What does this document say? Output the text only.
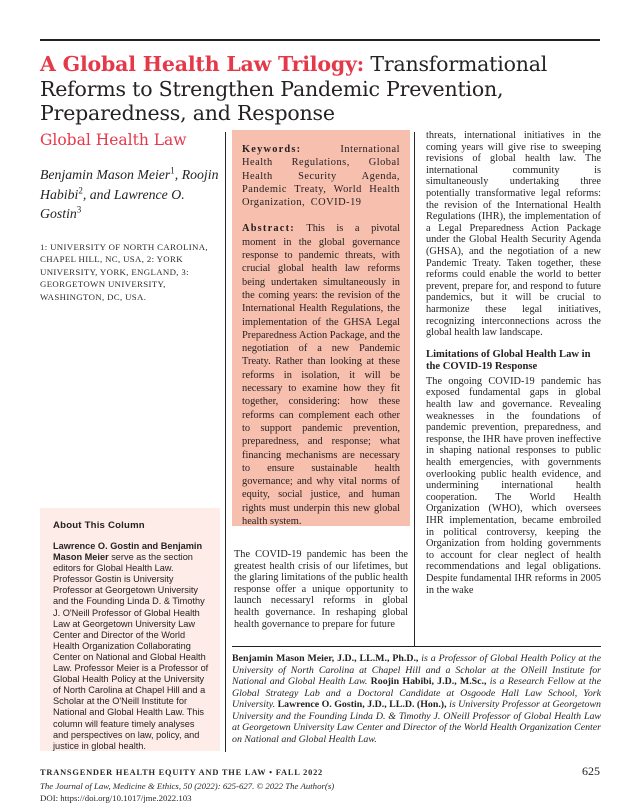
A Global Health Law Trilogy: Transformational Reforms to Strengthen Pandemic Prevention, Preparedness, and Response
Global Health Law
Benjamin Mason Meier$^1$, Roojin Habibi$^2$, and Lawrence O. Gostin$^3$
1: UNIVERSITY OF NORTH CAROLINA, CHAPEL HILL, NC, USA, 2: YORK UNIVERSITY, YORK, ENGLAND, 3: GEORGETOWN UNIVERSITY, WASHINGTON, DC, USA.
About This Column

Lawrence O. Gostin and Benjamin Mason Meier serve as the section editors for Global Health Law. Professor Gostin is University Professor at Georgetown University and the Founding Linda D. & Timothy J. O'Neill Professor of Global Health Law at Georgetown University Law Center and Director of the World Health Organization Collaborating Center on National and Global Health Law. Professor Meier is a Professor of Global Health Policy at the University of North Carolina at Chapel Hill and a Scholar at the O'Neill Institute for National and Global Health Law. This column will feature timely analyses and perspectives on law, policy, and justice in global health.

Keywords: International Health Regulations, Global Health Security Agenda, Pandemic Treaty, World Health Organization, COVID-19

Abstract: This is a pivotal moment in the global governance response to pandemic threats, with crucial global health law reforms being undertaken simultaneously in the coming years: the revision of the International Health Regulations, the implementation of the GHSA Legal Preparedness Action Package, and the negotiation of a new Pandemic Treaty. Rather than looking at these reforms in isolation, it will be necessary to examine how they fit together, considering: how these reforms can complement each other to support pandemic prevention, preparedness, and response; what financing mechanisms are necessary to ensure sustainable health governance; and why vital norms of equity, social justice, and human rights must underpin this new global health system.

The COVID-19 pandemic has been the greatest health crisis of our lifetimes, but the glaring limitations of the public health response offer a unique opportunity to launch necessaryl reforms in global health governance. In reshaping global health governance to prepare for future

threats, international initiatives in the coming years will give rise to sweeping revisions of global health law. The international community is simultaneously undertaking three potentially transformative legal reforms: the revision of the International Health Regulations (IHR), the implementation of a Legal Preparedness Action Package under the Global Health Security Agenda (GHSA), and the negotiation of a new Pandemic Treaty. Taken together, these reforms could enable the world to better prevent, prepare for, and respond to future pandemics, but it will be crucial to harmonize these legal initiatives, recognizing interconnections across the global health law landscape.

Limitations of Global Health Law in the COVID-19 Response

The ongoing COVID-19 pandemic has exposed fundamental gaps in global health law and governance. Revealing weaknesses in the foundations of pandemic prevention, preparedness, and response, the IHR have proven ineffective in shaping national responses to public health emergencies, with governments overlooking public health evidence, and undermining international health cooperation. The World Health Organization (WHO), which oversees IHR implementation, became embroiled in political controversy, keeping the Organization from holding governments to account for clear neglect of health recommendations and legal obligations. Despite fundamental IHR reforms in 2005 in the wake

Benjamin Mason Meier, J.D., LL.M., Ph.D., is a Professor of Global Health Policy at the University of North Carolina at Chapel Hill and a Scholar at the ONeill Institute for National and Global Health Law. Roojin Habibi, J.D., M.Sc., is a Research Fellow at the Global Strategy Lab and a Doctoral Candidate at Osgoode Hall Law School, York University. Lawrence O. Gostin, J.D., LL.D. (Hon.), is University Professor at Georgetown University and the Founding Linda D. & Timothy J. ONeill Professor of Global Health Law at Georgetown University Law Center and Director of the World Health Organization Center on National and Global Health Law.
TRANSGENDER HEALTH EQUITY AND THE LAW • FALL 2022	625
The Journal of Law, Medicine & Ethics, 50 (2022): 625-627. © 2022 The Author(s)
DOI: https://doi.org/10.1017/jme.2022.103
